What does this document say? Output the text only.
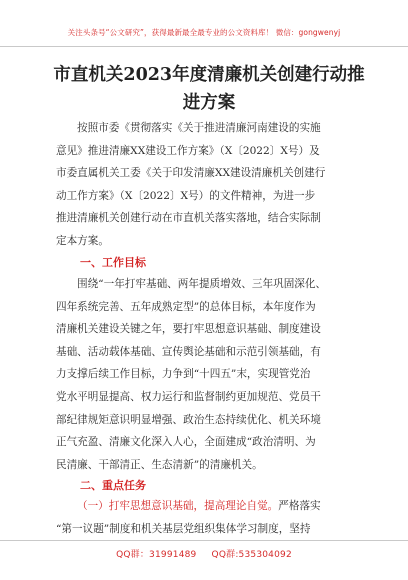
关注头条号“公文研究”，获得最新最全最专业的公文资料库！ 微信：gongwenyj
市直机关2023年度清廉机关创建行动推
进方案
按照市委《贯彻落实《关于推进清廉河南建设的实施
意见》推进清廉XX建设工作方案》（X〔2022〕X号）及
市委直属机关工委《关于印发清廉XX建设清廉机关创建行
动工作方案》（X〔2022〕X号）的文件精神，为进一步
推进清廉机关创建行动在市直机关落实落地，结合实际制
定本方案。
一、工作目标
围绕“一年打牢基础、两年提质增效、三年巩固深化、
四年系统完善、五年成熟定型”的总体目标，本年度作为
清廉机关建设关键之年，要打牢思想意识基础、制度建设
基础、活动载体基础、宣传舆论基础和示范引领基础，有
力支撑后续工作目标，力争到“十四五”末，实现管党治
党水平明显提高、权力运行和监督制约更加规范、党员干
部纪律规矩意识明显增强、政治生态持续优化、机关环境
正气充盈、清廉文化深入人心，全面建成“政治清明、为
民清廉、干部清正、生态清新”的清廉机关。
二、重点任务
（一）打牢思想意识基础，提高理论自觉。严格落实
“第一议题”制度和机关基层党组织集体学习制度，坚持
QQ群：31991489 QQ群:535304092
